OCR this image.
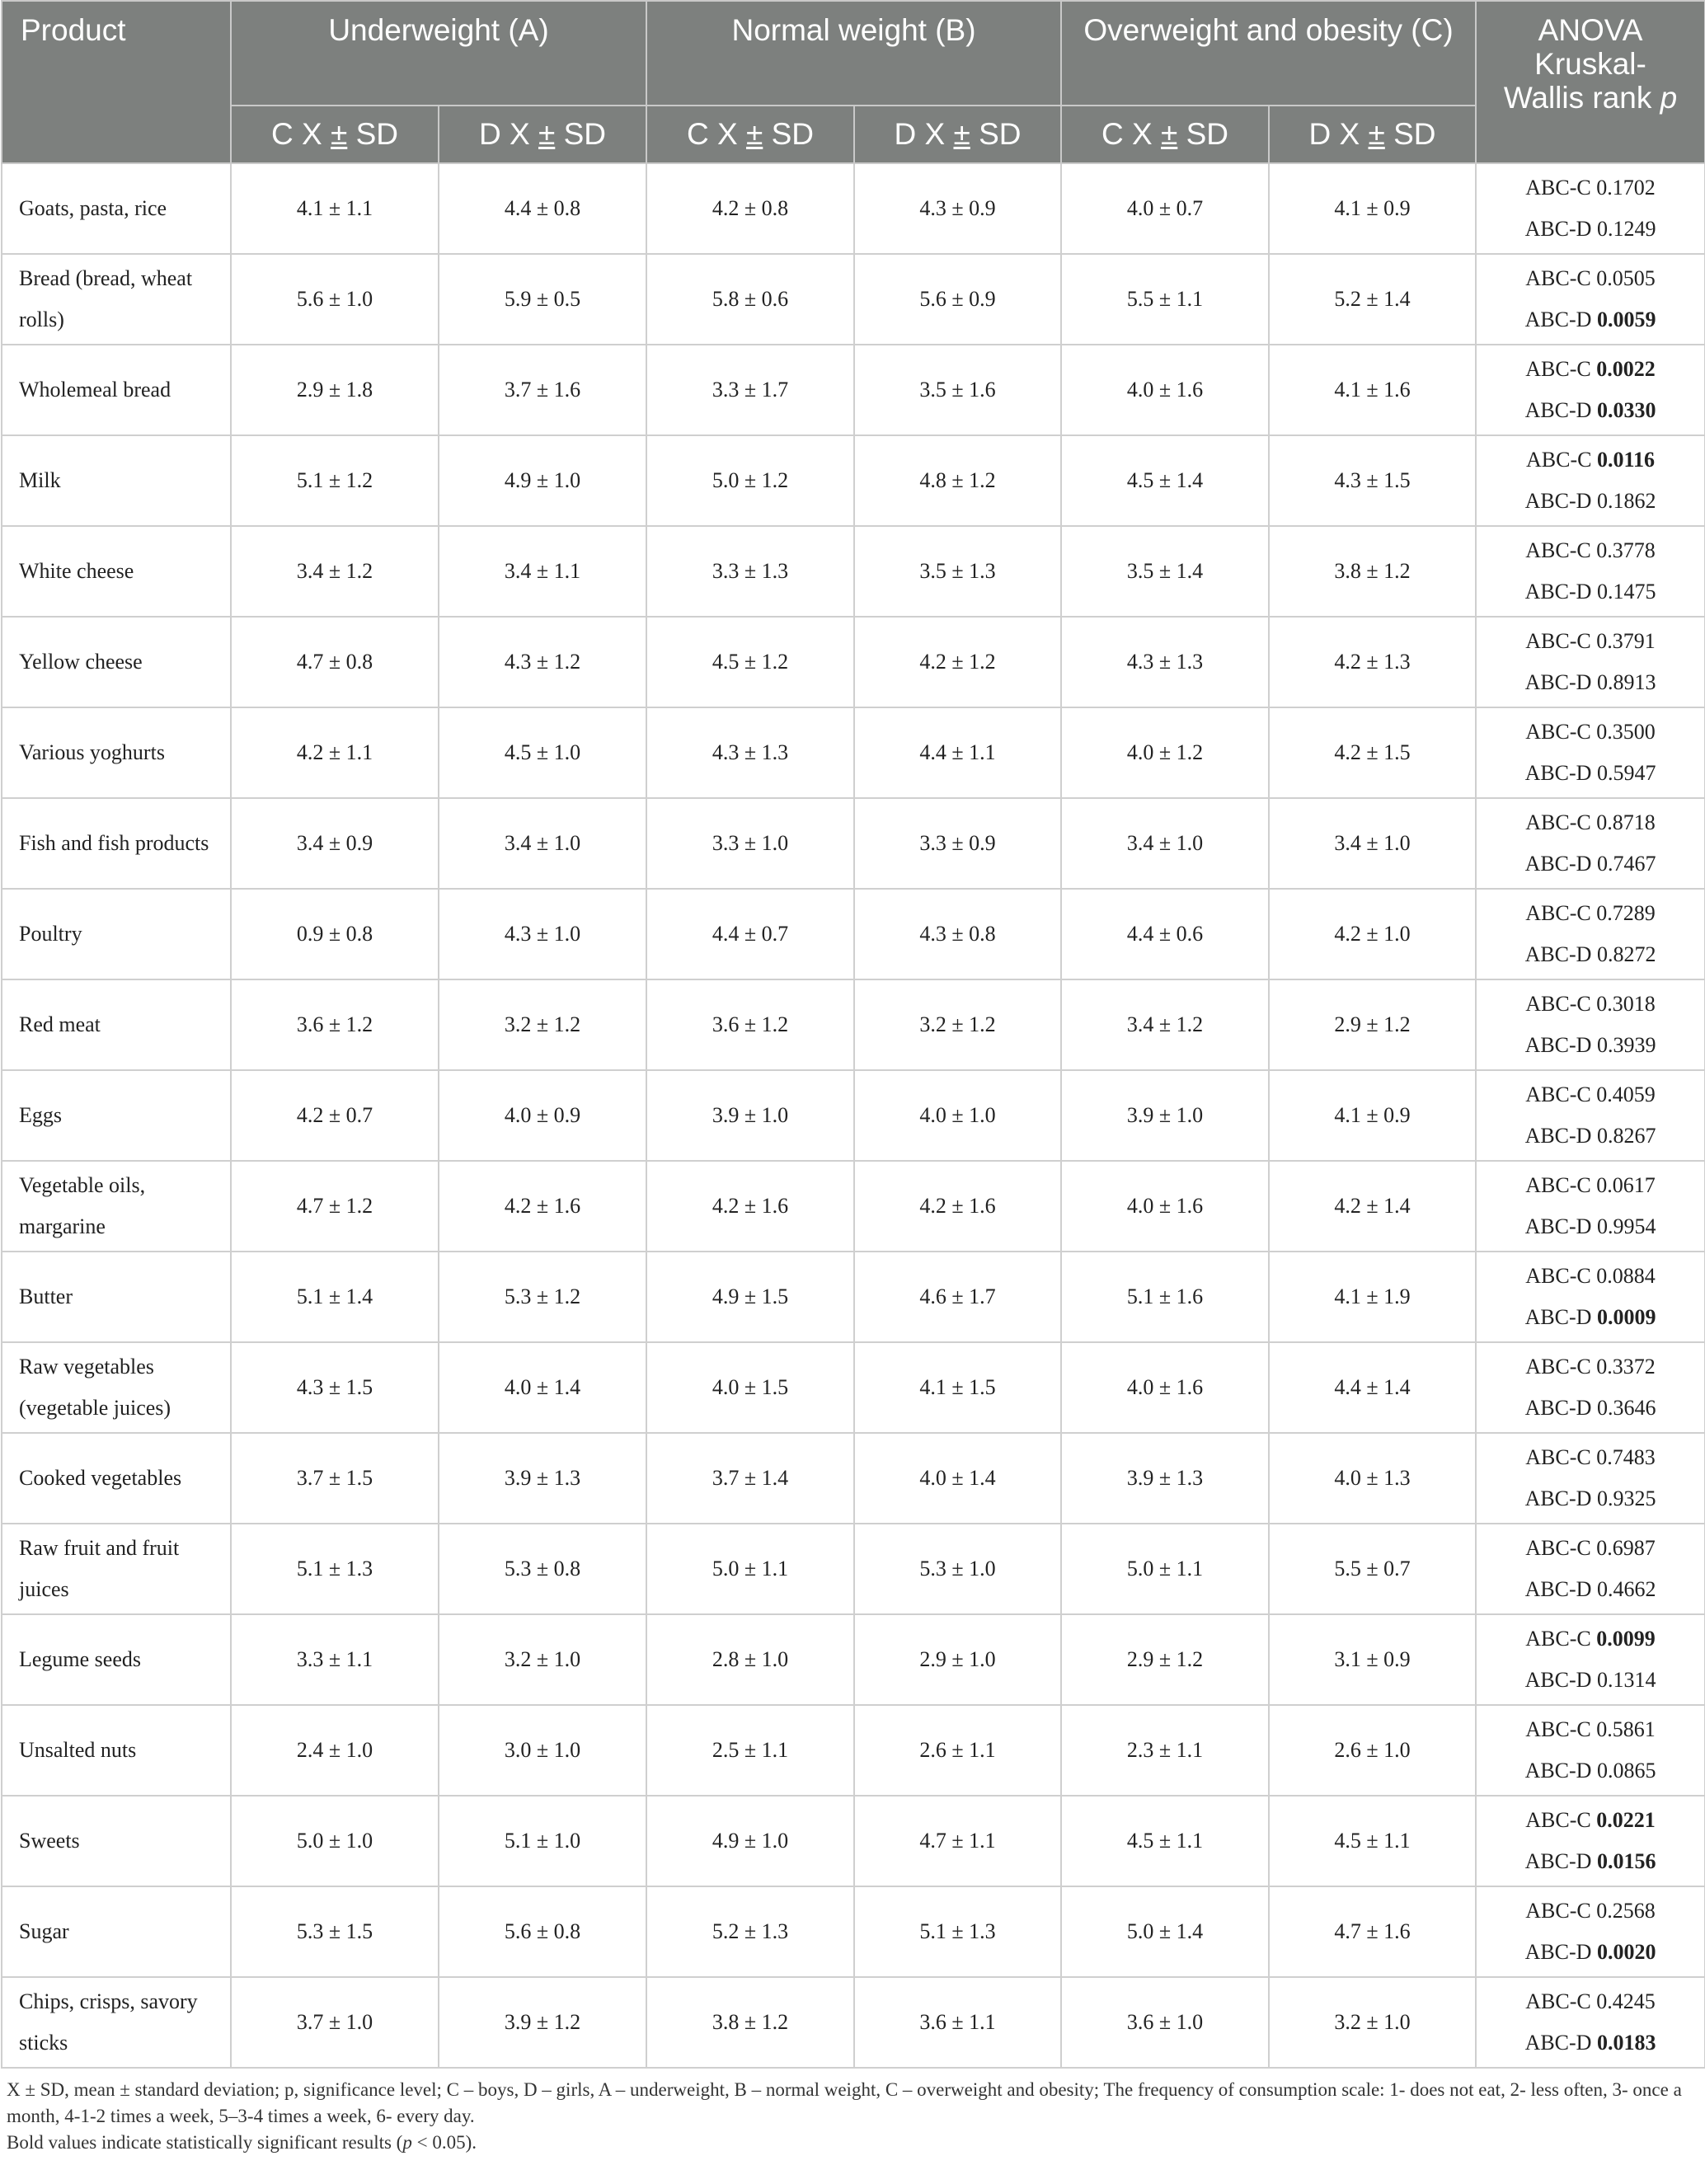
Product	Underweight (A)		Normal weight (B)		Overweight and obesity (C)		ANOVA
Kruskal-
Wallis rank p
	C X ± SD	D X ± SD	C X ± SD	D X ± SD	C X ± SD	D X ± SD	
Goats, pasta, rice	4.1 ± 1.1	4.4 ± 0.8	4.2 ± 0.8	4.3 ± 0.9	4.0 ± 0.7	4.1 ± 0.9	ABC-C 0.1702
ABC-D 0.1249

Bread (bread, wheat rolls)	5.6 ± 1.0	5.9 ± 0.5	5.8 ± 0.6	5.6 ± 0.9	5.5 ± 1.1	5.2 ± 1.4	ABC-C 0.0505
ABC-D 0.0059

Wholemeal bread	2.9 ± 1.8	3.7 ± 1.6	3.3 ± 1.7	3.5 ± 1.6	4.0 ± 1.6	4.1 ± 1.6	ABC-C 0.0022
ABC-D 0.0330

Milk	5.1 ± 1.2	4.9 ± 1.0	5.0 ± 1.2	4.8 ± 1.2	4.5 ± 1.4	4.3 ± 1.5	ABC-C 0.0116
ABC-D 0.1862

White cheese	3.4 ± 1.2	3.4 ± 1.1	3.3 ± 1.3	3.5 ± 1.3	3.5 ± 1.4	3.8 ± 1.2	ABC-C 0.3778
ABC-D 0.1475

Yellow cheese	4.7 ± 0.8	4.3 ± 1.2	4.5 ± 1.2	4.2 ± 1.2	4.3 ± 1.3	4.2 ± 1.3	ABC-C 0.3791
ABC-D 0.8913

Various yoghurts	4.2 ± 1.1	4.5 ± 1.0	4.3 ± 1.3	4.4 ± 1.1	4.0 ± 1.2	4.2 ± 1.5	ABC-C 0.3500
ABC-D 0.5947

Fish and fish products	3.4 ± 0.9	3.4 ± 1.0	3.3 ± 1.0	3.3 ± 0.9	3.4 ± 1.0	3.4 ± 1.0	ABC-C 0.8718
ABC-D 0.7467

Poultry	0.9 ± 0.8	4.3 ± 1.0	4.4 ± 0.7	4.3 ± 0.8	4.4 ± 0.6	4.2 ± 1.0	ABC-C 0.7289
ABC-D 0.8272

Red meat	3.6 ± 1.2	3.2 ± 1.2	3.6 ± 1.2	3.2 ± 1.2	3.4 ± 1.2	2.9 ± 1.2	ABC-C 0.3018
ABC-D 0.3939

Eggs	4.2 ± 0.7	4.0 ± 0.9	3.9 ± 1.0	4.0 ± 1.0	3.9 ± 1.0	4.1 ± 0.9	ABC-C 0.4059
ABC-D 0.8267

Vegetable oils, margarine	4.7 ± 1.2	4.2 ± 1.6	4.2 ± 1.6	4.2 ± 1.6	4.0 ± 1.6	4.2 ± 1.4	ABC-C 0.0617
ABC-D 0.9954

Butter	5.1 ± 1.4	5.3 ± 1.2	4.9 ± 1.5	4.6 ± 1.7	5.1 ± 1.6	4.1 ± 1.9	ABC-C 0.0884
ABC-D 0.0009

Raw vegetables (vegetable juices)	4.3 ± 1.5	4.0 ± 1.4	4.0 ± 1.5	4.1 ± 1.5	4.0 ± 1.6	4.4 ± 1.4	ABC-C 0.3372
ABC-D 0.3646

Cooked vegetables	3.7 ± 1.5	3.9 ± 1.3	3.7 ± 1.4	4.0 ± 1.4	3.9 ± 1.3	4.0 ± 1.3	ABC-C 0.7483
ABC-D 0.9325

Raw fruit and fruit juices	5.1 ± 1.3	5.3 ± 0.8	5.0 ± 1.1	5.3 ± 1.0	5.0 ± 1.1	5.5 ± 0.7	ABC-C 0.6987
ABC-D 0.4662

Legume seeds	3.3 ± 1.1	3.2 ± 1.0	2.8 ± 1.0	2.9 ± 1.0	2.9 ± 1.2	3.1 ± 0.9	ABC-C 0.0099
ABC-D 0.1314

Unsalted nuts	2.4 ± 1.0	3.0 ± 1.0	2.5 ± 1.1	2.6 ± 1.1	2.3 ± 1.1	2.6 ± 1.0	ABC-C 0.5861
ABC-D 0.0865

Sweets	5.0 ± 1.0	5.1 ± 1.0	4.9 ± 1.0	4.7 ± 1.1	4.5 ± 1.1	4.5 ± 1.1	ABC-C 0.0221
ABC-D 0.0156

Sugar	5.3 ± 1.5	5.6 ± 0.8	5.2 ± 1.3	5.1 ± 1.3	5.0 ± 1.4	4.7 ± 1.6	ABC-C 0.2568
ABC-D 0.0020

Chips, crisps, savory sticks	3.7 ± 1.0	3.9 ± 1.2	3.8 ± 1.2	3.6 ± 1.1	3.6 ± 1.0	3.2 ± 1.0	ABC-C 0.4245
ABC-D 0.0183

X ± SD, mean ± standard deviation; p, significance level; C – boys, D – girls, A – underweight, B – normal weight, C – overweight and obesity; The frequency of consumption scale: 1- does not eat, 2- less often, 3- once a month, 4-1-2 times a week, 5–3-4 times a week, 6- every day.

Bold values indicate statistically significant results (p < 0.05).
